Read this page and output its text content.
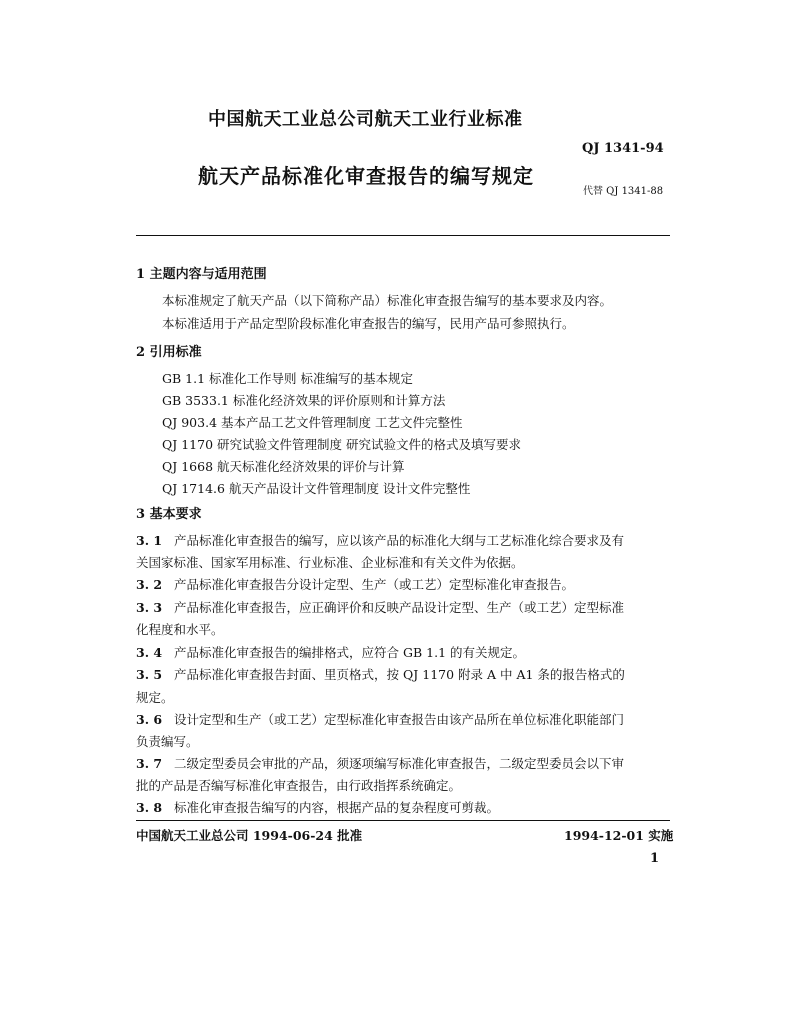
中国航天工业总公司航天工业行业标准
QJ 1341-94
航天产品标准化审查报告的编写规定
代替 QJ 1341-88
1 主题内容与适用范围
本标准规定了航天产品（以下简称产品）标准化审查报告编写的基本要求及内容。
本标准适用于产品定型阶段标准化审查报告的编写，民用产品可参照执行。
2 引用标准
GB 1.1 标准化工作导则 标准编写的基本规定
GB 3533.1 标准化经济效果的评价原则和计算方法
QJ 903.4 基本产品工艺文件管理制度 工艺文件完整性
QJ 1170 研究试验文件管理制度 研究试验文件的格式及填写要求
QJ 1668 航天标准化经济效果的评价与计算
QJ 1714.6 航天产品设计文件管理制度 设计文件完整性
3 基本要求
3. 1 产品标准化审查报告的编写，应以该产品的标准化大纲与工艺标准化综合要求及有
关国家标准、国家军用标准、行业标准、企业标准和有关文件为依据。
3. 2 产品标准化审查报告分设计定型、生产（或工艺）定型标准化审查报告。
3. 3 产品标准化审查报告，应正确评价和反映产品设计定型、生产（或工艺）定型标准
化程度和水平。
3. 4 产品标准化审查报告的编排格式，应符合 GB 1.1 的有关规定。
3. 5 产品标准化审查报告封面、里页格式，按 QJ 1170 附录 A 中 A1 条的报告格式的
规定。
3. 6 设计定型和生产（或工艺）定型标准化审查报告由该产品所在单位标准化职能部门
负责编写。
3. 7 二级定型委员会审批的产品，须逐项编写标准化审查报告，二级定型委员会以下审
批的产品是否编写标准化审查报告，由行政指挥系统确定。
3. 8 标准化审查报告编写的内容，根据产品的复杂程度可剪裁。
中国航天工业总公司 1994-06-24 批准	1994-12-01 实施
1
